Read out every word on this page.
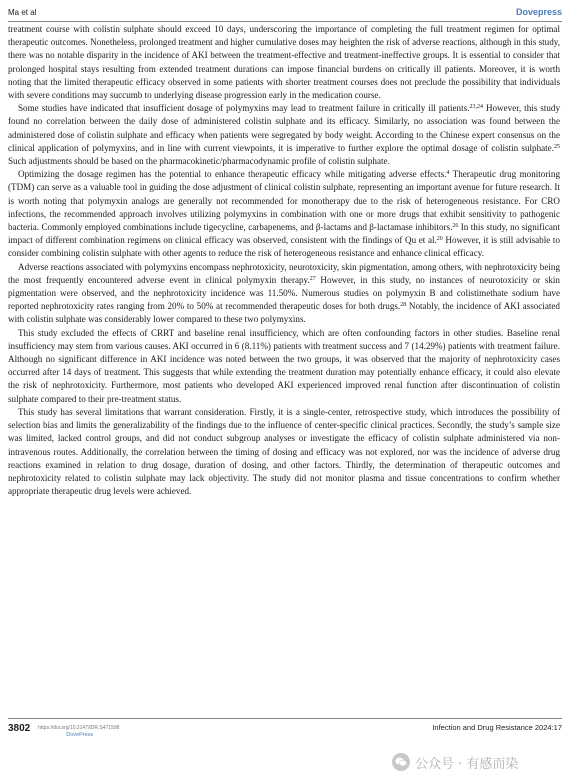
Ma et al	Dovepress

treatment course with colistin sulphate should exceed 10 days, underscoring the importance of completing the full treatment regimen for optimal therapeutic outcomes. Nonetheless, prolonged treatment and higher cumulative doses may heighten the risk of adverse reactions, although in this study, there was no notable disparity in the incidence of AKI between the treatment-effective and treatment-ineffective groups. It is essential to consider that prolonged hospital stays resulting from extended treatment durations can impose financial burdens on critically ill patients. Moreover, it is worth noting that the limited therapeutic efficacy observed in some patients with shorter treatment courses does not preclude the possibility that individuals with severe conditions may succumb to underlying disease progression early in the medication course.

Some studies have indicated that insufficient dosage of polymyxins may lead to treatment failure in critically ill patients.$^{23,24}$ However, this study found no correlation between the daily dose of administered colistin sulphate and its efficacy. Similarly, no association was found between the administered dose of colistin sulphate and efficacy when patients were segregated by body weight. According to the Chinese expert consensus on the clinical application of polymyxins, and in line with current viewpoints, it is imperative to further explore the optimal dosage of colistin sulphate.$^{25}$ Such adjustments should be based on the pharmacokinetic/pharmacodynamic profile of colistin sulphate.

Optimizing the dosage regimen has the potential to enhance therapeutic efficacy while mitigating adverse effects.$^4$ Therapeutic drug monitoring (TDM) can serve as a valuable tool in guiding the dose adjustment of clinical colistin sulphate, representing an important avenue for future research. It is worth noting that polymyxin analogs are generally not recommended for monotherapy due to the risk of heterogeneous resistance. For CRO infections, the recommended approach involves utilizing polymyxins in combination with one or more drugs that exhibit sensitivity to pathogenic bacteria. Commonly employed combinations include tigecycline, carbapenems, and β-lactams and β-lactamase inhibitors.$^{26}$ In this study, no significant impact of different combination regimens on clinical efficacy was observed, consistent with the findings of Qu et al.$^{20}$ However, it is still advisable to consider combining colistin sulphate with other agents to reduce the risk of heterogeneous resistance and enhance clinical efficacy.

Adverse reactions associated with polymyxins encompass nephrotoxicity, neurotoxicity, skin pigmentation, among others, with nephrotoxicity being the most frequently encountered adverse event in clinical polymyxin therapy.$^{27}$ However, in this study, no instances of neurotoxicity or skin pigmentation were observed, and the nephrotoxicity incidence was 11.50%. Numerous studies on polymyxin B and colistimethate sodium have reported nephrotoxicity rates ranging from 20% to 50% at recommended therapeutic doses for both drugs.$^{28}$ Notably, the incidence of AKI associated with colistin sulphate was considerably lower compared to these two polymyxins.

This study excluded the effects of CRRT and baseline renal insufficiency, which are often confounding factors in other studies. Baseline renal insufficiency may stem from various causes. AKI occurred in 6 (8.11%) patients with treatment success and 7 (14.29%) patients with treatment failure. Although no significant difference in AKI incidence was noted between the two groups, it was observed that the majority of nephrotoxicity cases occurred after 14 days of treatment. This suggests that while extending the treatment duration may potentially enhance efficacy, it could also elevate the risk of nephrotoxicity. Furthermore, most patients who developed AKI experienced improved renal function after discontinuation of colistin sulphate compared to their pre-treatment status.

This study has several limitations that warrant consideration. Firstly, it is a single-center, retrospective study, which introduces the possibility of selection bias and limits the generalizability of the findings due to the influence of center-specific clinical practices. Secondly, the study’s sample size was limited, lacked control groups, and did not conduct subgroup analyses or investigate the efficacy of colistin sulphate administered via non-intravenous routes. Additionally, the correlation between the timing of dosing and efficacy was not explored, nor was the incidence of adverse drug reactions examined in relation to drug dosage, duration of dosing, and other factors. Thirdly, the determination of therapeutic outcomes and nephrotoxicity related to colistin sulphate may lack objectivity. The study did not monitor plasma and tissue concentrations to confirm whether appropriate therapeutic drug levels were achieved.

3802 https://doi.org/10.2147/IDR.S471598
DovePress
Infection and Drug Resistance 2024:17
公众号 · 有感而染
